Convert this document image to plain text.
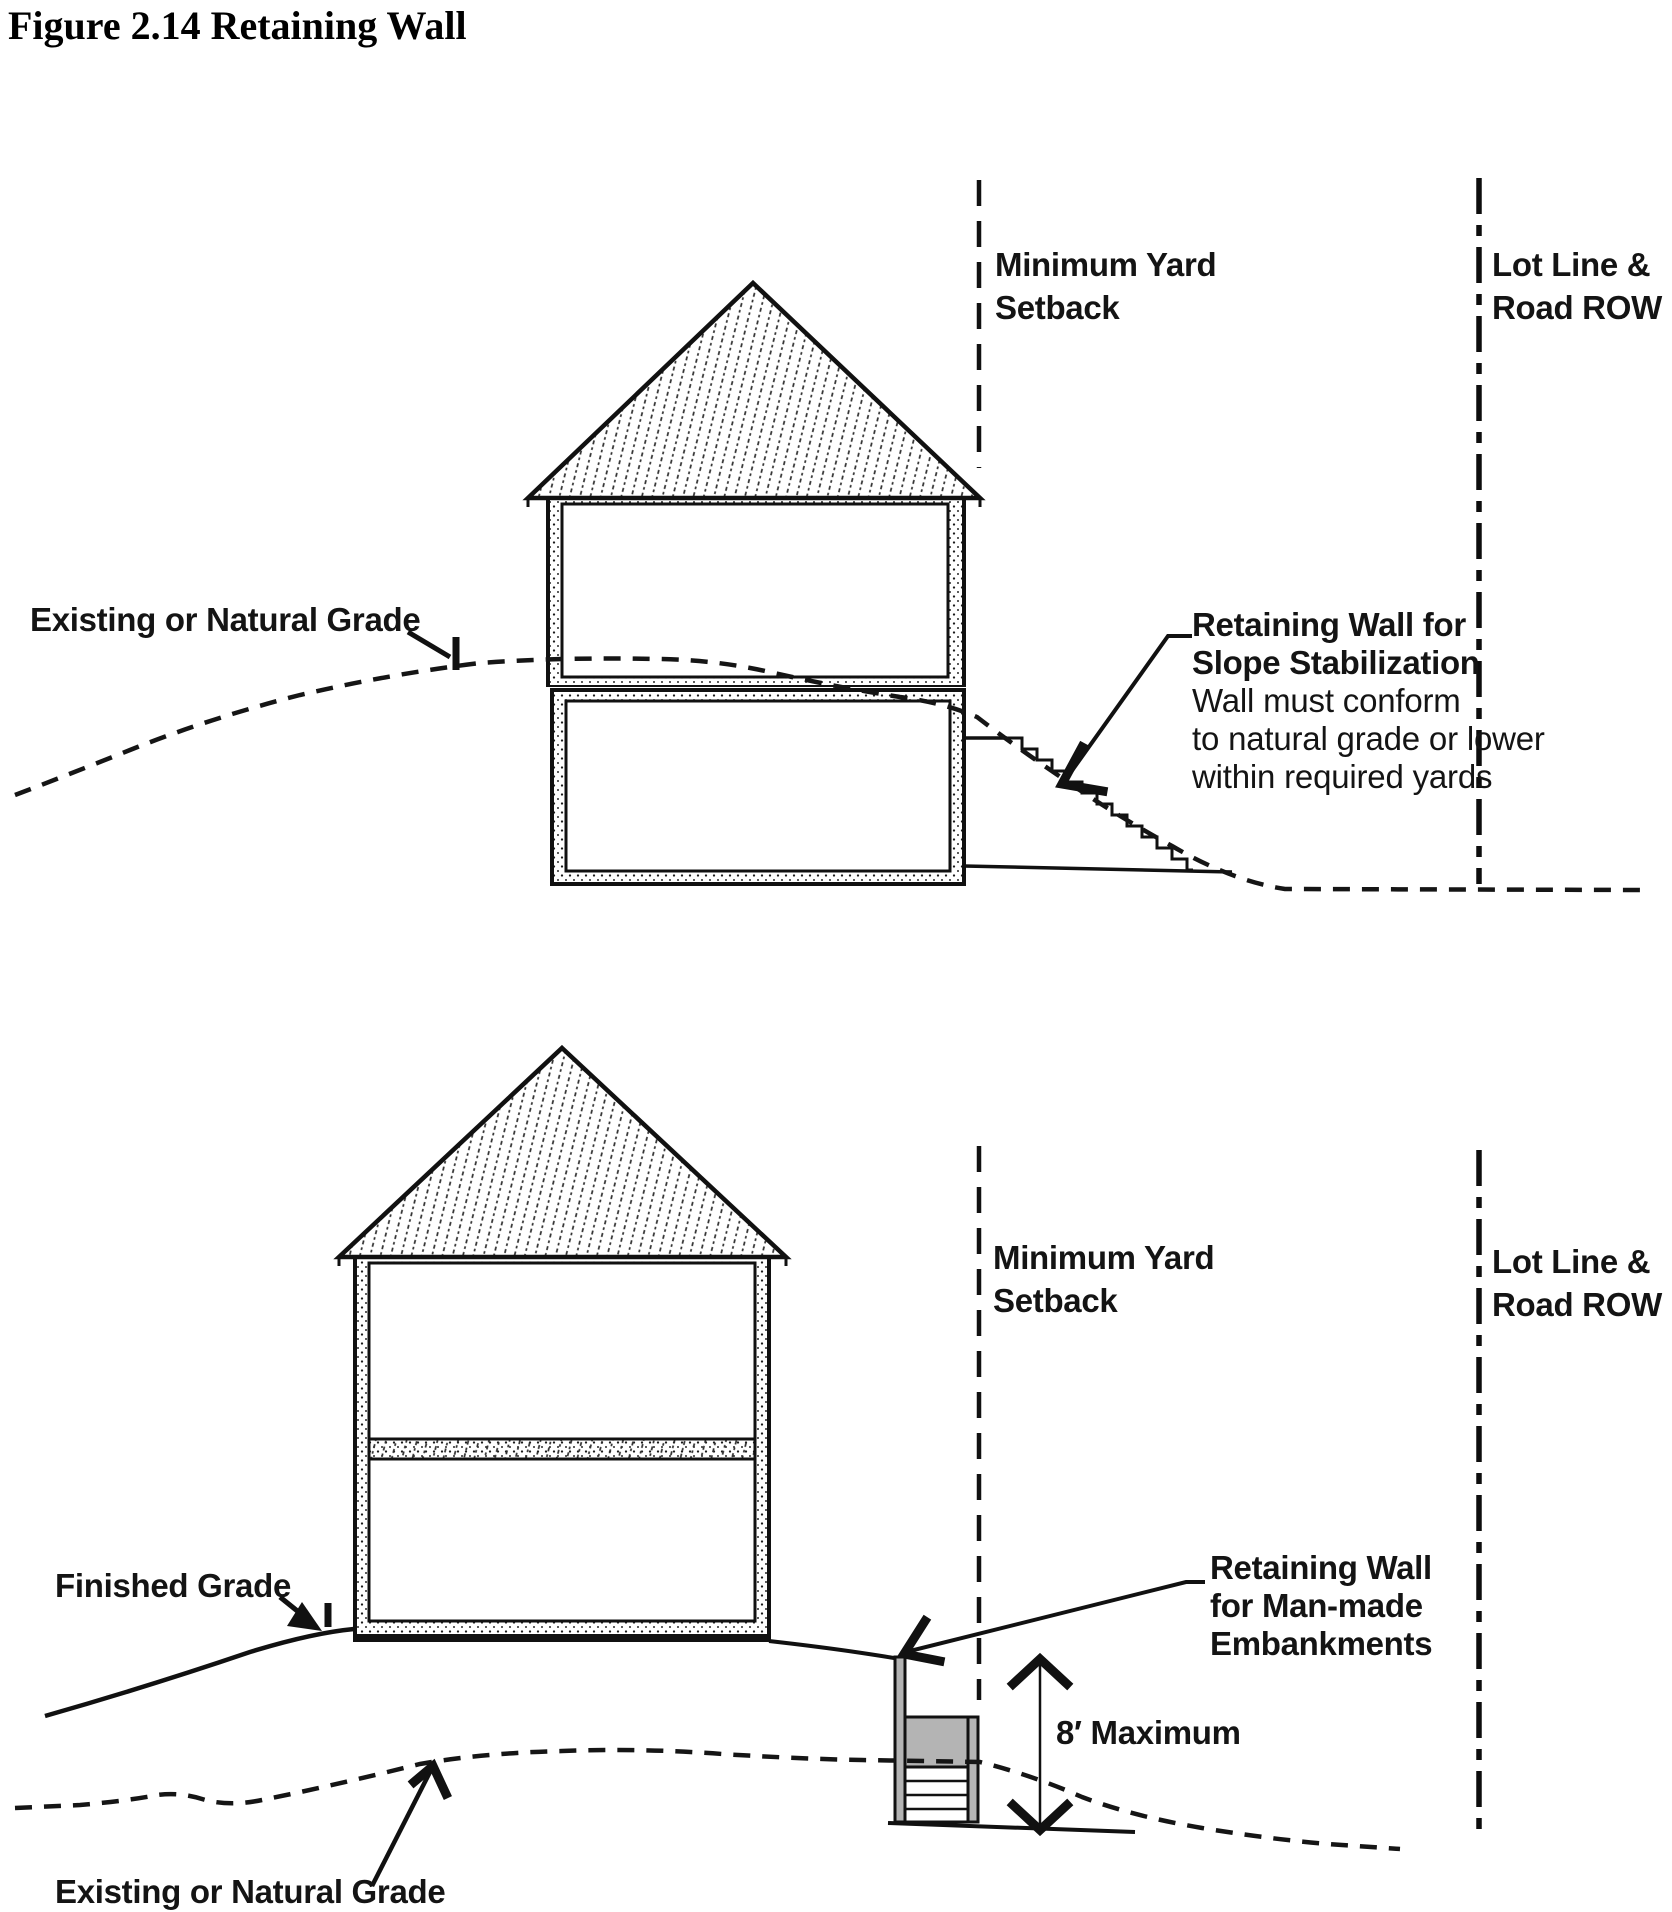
Figure 2.14 Retaining Wall
Minimum Yard
Setback
Lot Line &
Road ROW
Existing or Natural Grade	Retaining Wall for
Slope Stabilization
Wall must conform
to natural grade or lower
within required yards
Minimum Yard
Setback
Lot Line &
Road ROW
Finished Grade	Retaining Wall
for Man-made
Embankments
8′ Maximum
Existing or Natural Grade
